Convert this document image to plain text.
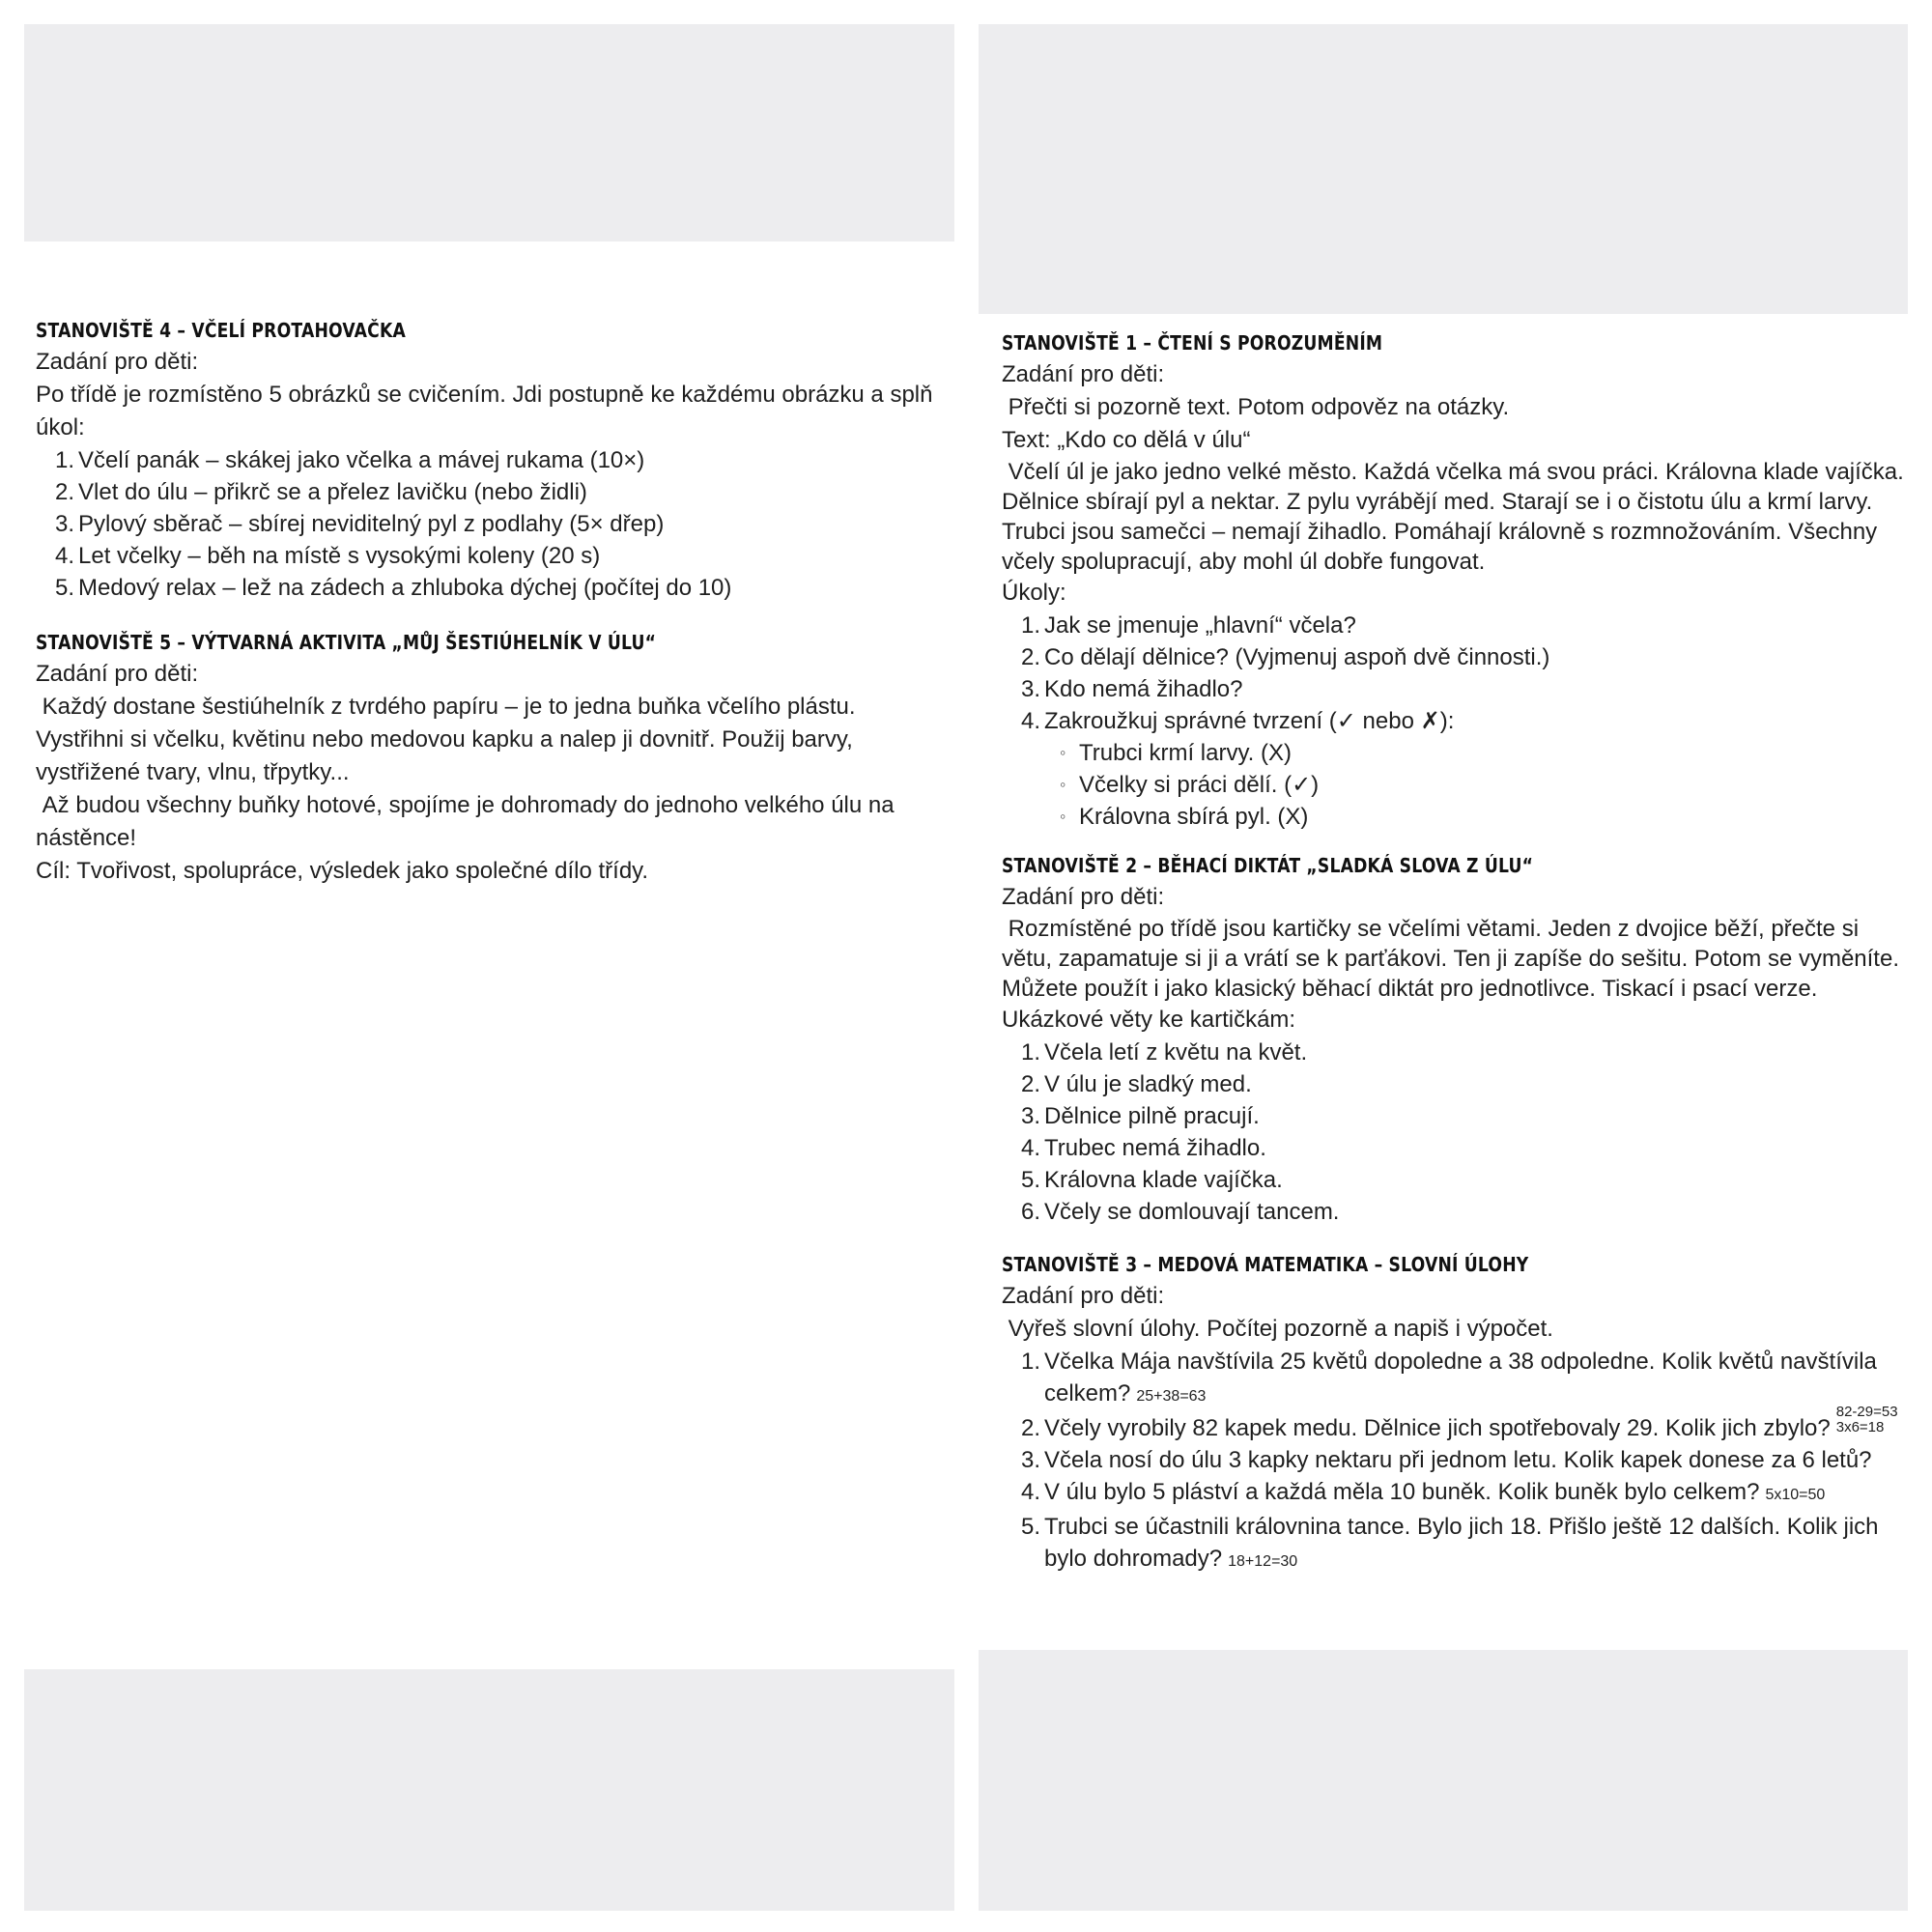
STANOVIŠTĚ 4 – VČELÍ PROTAHOVAČKA
Zadání pro děti:
Po třídě je rozmístěno 5 obrázků se cvičením. Jdi postupně ke každému obrázku a splň úkol:
1. Včelí panák – skákej jako včelka a mávej rukama (10×)
2. Vlet do úlu – přikrč se a přelez lavičku (nebo židli)
3. Pylový sběrač – sbírej neviditelný pyl z podlahy (5× dřep)
4. Let včelky – běh na místě s vysokými koleny (20 s)
5. Medový relax – lež na zádech a zhluboka dýchej (počítej do 10)
STANOVIŠTĚ 5 – VÝTVARNÁ AKTIVITA „MŮJ ŠESTIÚHELNÍK V ÚLU“
Zadání pro děti:
Každý dostane šestiúhelník z tvrdého papíru – je to jedna buňka včelího plástu. Vystřihni si včelku, květinu nebo medovou kapku a nalep ji dovnitř. Použij barvy, vystřižené tvary, vlnu, třpytky...
Až budou všechny buňky hotové, spojíme je dohromady do jednoho velkého úlu na nástěnce!
Cíl: Tvořivost, spolupráce, výsledek jako společné dílo třídy.
STANOVIŠTĚ 1 – ČTENÍ S POROZUMĚNÍM
Zadání pro děti:
Přečti si pozorně text. Potom odpověz na otázky.
Text: „Kdo co dělá v úlu“
Včelí úl je jako jedno velké město. Každá včelka má svou práci. Královna klade vajíčka. Dělnice sbírají pyl a nektar. Z pylu vyrábějí med. Starají se i o čistotu úlu a krmí larvy. Trubci jsou samečci – nemají žihadlo. Pomáhají královně s rozmnožováním. Všechny včely spolupracují, aby mohl úl dobře fungovat.
Úkoly:
1. Jak se jmenuje „hlavní“ včela?
2. Co dělají dělnice? (Vyjmenuj aspoň dvě činnosti.)
3. Kdo nemá žihadlo?
4. Zakroužkuj správné tvrzení (✓ nebo ✗):
◦ Trubci krmí larvy. (X)
◦ Včelky si práci dělí. (✓)
◦ Královna sbírá pyl. (X)
STANOVIŠTĚ 2 – BĚHACÍ DIKTÁT „SLADKÁ SLOVA Z ÚLU“
Zadání pro děti:
Rozmístěné po třídě jsou kartičky se včelími větami. Jeden z dvojice běží, přečte si větu, zapamatuje si ji a vrátí se k parťákovi. Ten ji zapíše do sešitu. Potom se vyměníte. Můžete použít i jako klasický běhací diktát pro jednotlivce. Tiskací i psací verze.
Ukázkové věty ke kartičkám:
1. Včela letí z květu na květ.
2. V úlu je sladký med.
3. Dělnice pilně pracují.
4. Trubec nemá žihadlo.
5. Královna klade vajíčka.
6. Včely se domlouvají tancem.
STANOVIŠTĚ 3 – MEDOVÁ MATEMATIKA – SLOVNÍ ÚLOHY
Zadání pro děti:
Vyřeš slovní úlohy. Počítej pozorně a napiš i výpočet.
1. Včelka Mája navštívila 25 květů dopoledne a 38 odpoledne. Kolik květů navštívila celkem? 25+38=63
2. Včely vyrobily 82 kapek medu. Dělnice jich spotřebovaly 29. Kolik jich zbylo?82-29=53
3x6=18
3. Včela nosí do úlu 3 kapky nektaru při jednom letu. Kolik kapek donese za 6 letů?
4. V úlu bylo 5 pláství a každá měla 10 buněk. Kolik buněk bylo celkem? 5x10=50
5. Trubci se účastnili královnina tance. Bylo jich 18. Přišlo ještě 12 dalších. Kolik jich bylo dohromady? 18+12=30
